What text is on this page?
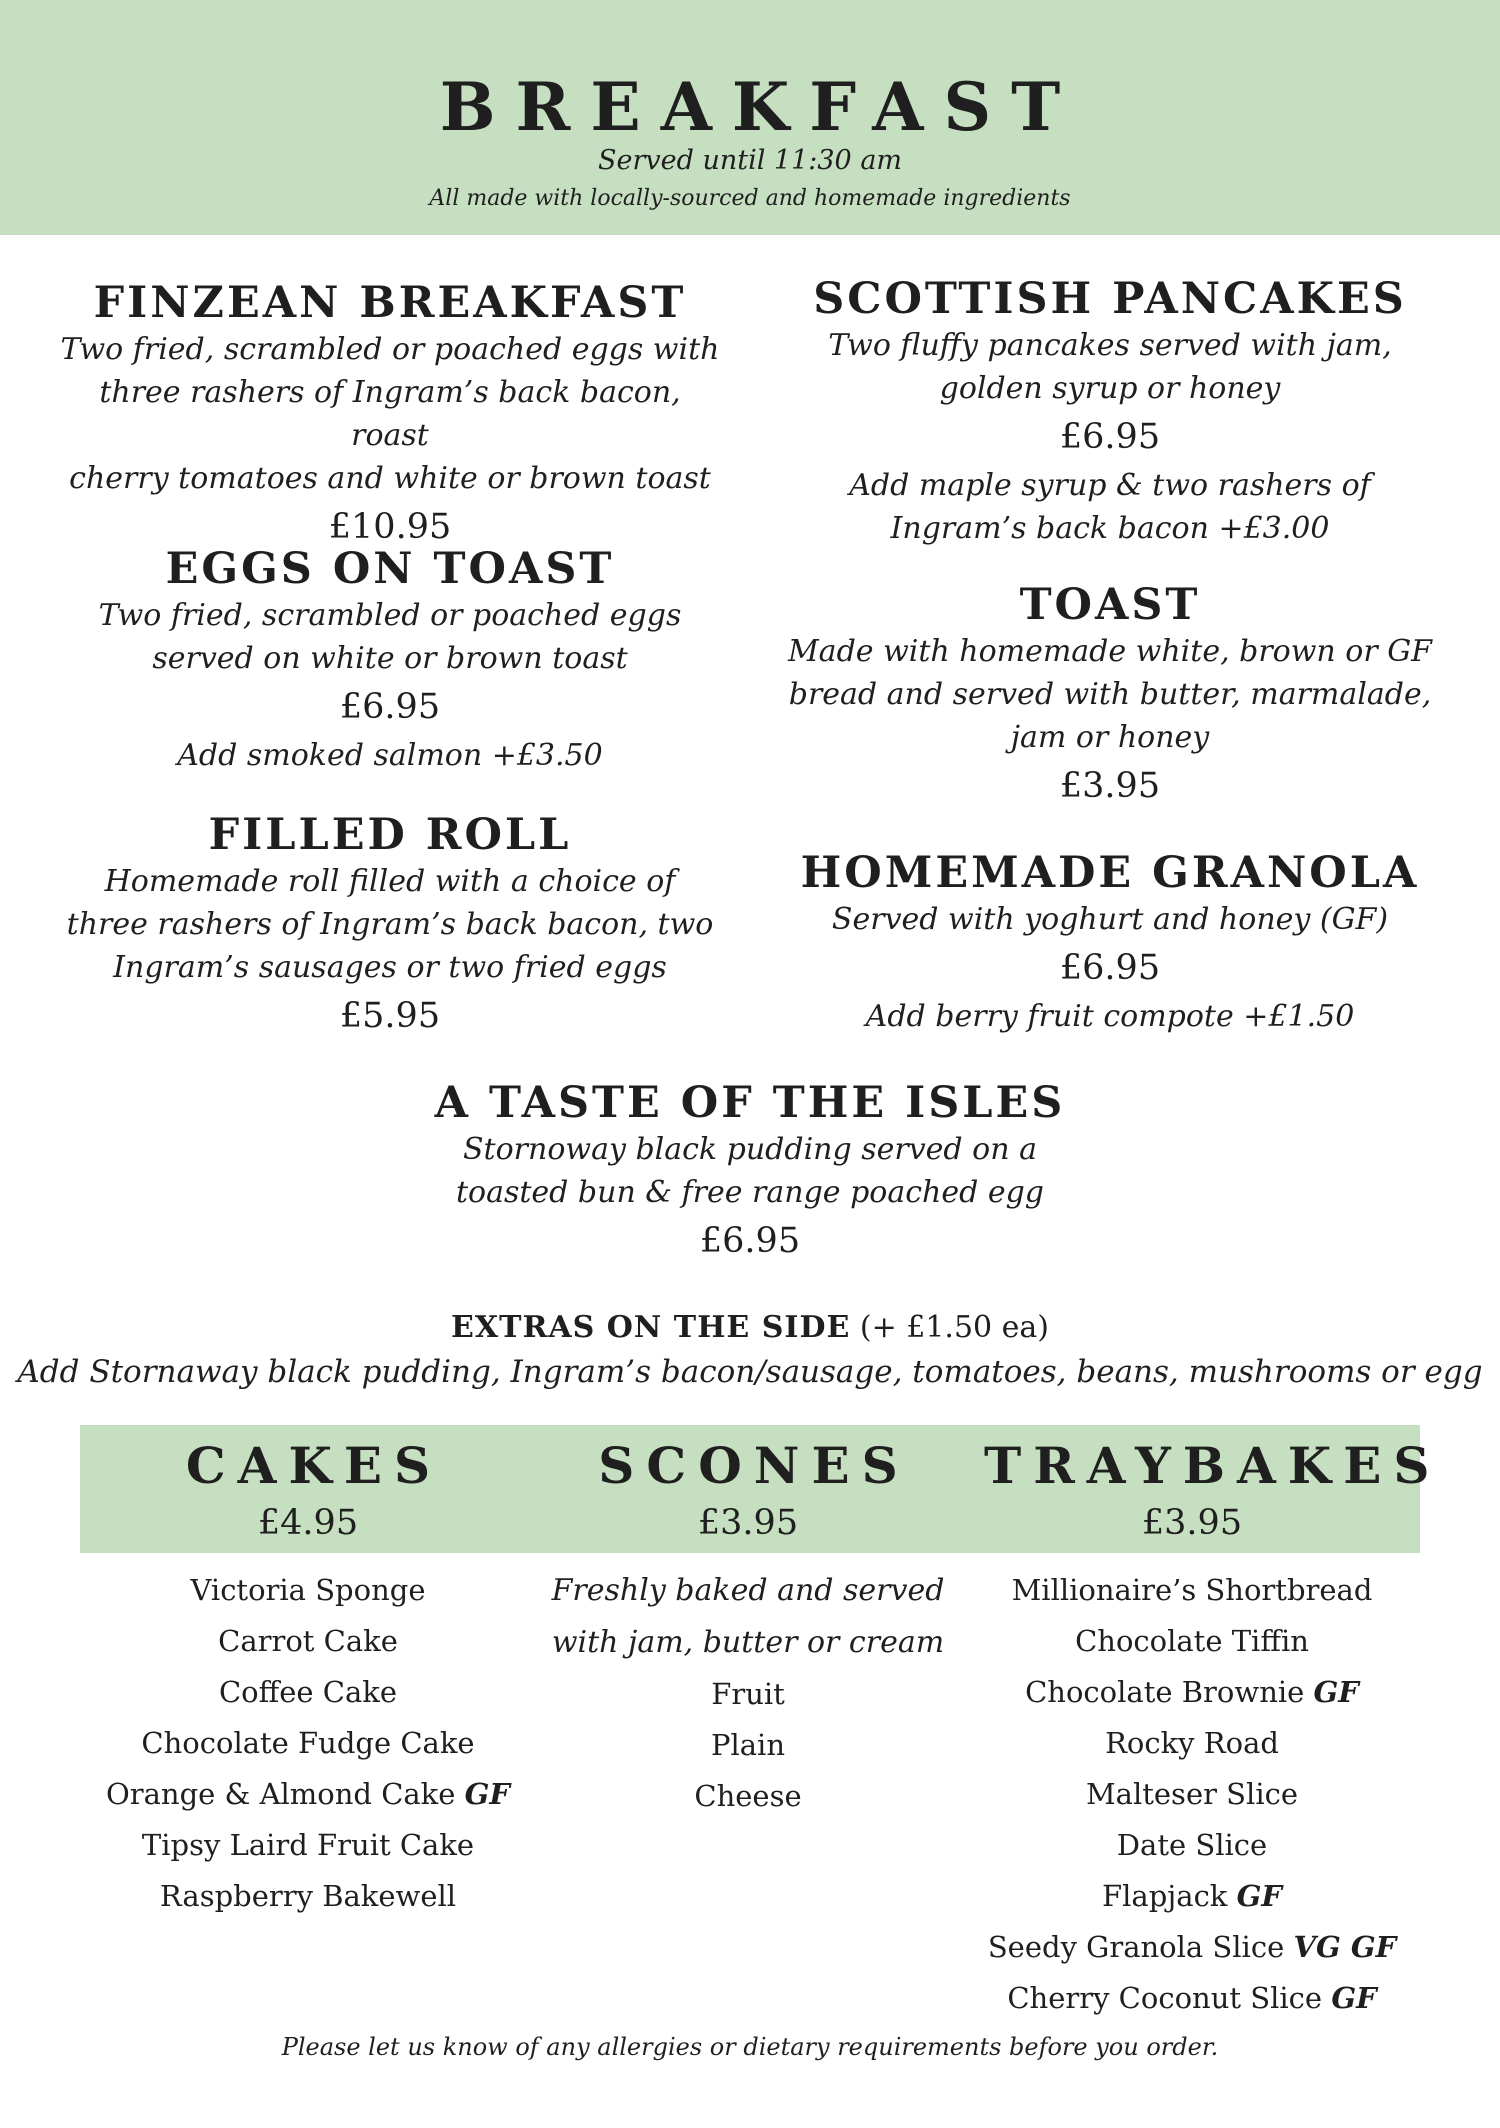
BREAKFAST
Served until 11:30 am
All made with locally-sourced and homemade ingredients
FINZEAN BREAKFAST
Two fried, scrambled or poached eggs with
three rashers of Ingram’s back bacon, roast
cherry tomatoes and white or brown toast
£10.95
EGGS ON TOAST
Two fried, scrambled or poached eggs
served on white or brown toast
£6.95
Add smoked salmon +£3.50
FILLED ROLL
Homemade roll filled with a choice of
three rashers of Ingram’s back bacon, two
Ingram’s sausages or two fried eggs
£5.95
SCOTTISH PANCAKES
Two fluffy pancakes served with jam,
golden syrup or honey
£6.95
Add maple syrup & two rashers of
Ingram’s back bacon +£3.00
TOAST
Made with homemade white, brown or GF
bread and served with butter, marmalade,
jam or honey
£3.95
HOMEMADE GRANOLA
Served with yoghurt and honey (GF)
£6.95
Add berry fruit compote +£1.50
A TASTE OF THE ISLES
Stornoway black pudding served on a
toasted bun & free range poached egg
£6.95
EXTRAS ON THE SIDE (+ £1.50 ea)
Add Stornaway black pudding, Ingram’s bacon/sausage, tomatoes, beans, mushrooms or egg
CAKES
£4.95
Victoria Sponge
Carrot Cake
Coffee Cake
Chocolate Fudge Cake
Orange & Almond Cake GF
Tipsy Laird Fruit Cake
Raspberry Bakewell
SCONES
£3.95
Freshly baked and served
with jam, butter or cream
Fruit
Plain
Cheese
TRAYBAKES
£3.95
Millionaire’s Shortbread
Chocolate Tiffin
Chocolate Brownie GF
Rocky Road
Malteser Slice
Date Slice
Flapjack GF
Seedy Granola Slice VG GF
Cherry Coconut Slice GF
Please let us know of any allergies or dietary requirements before you order.
